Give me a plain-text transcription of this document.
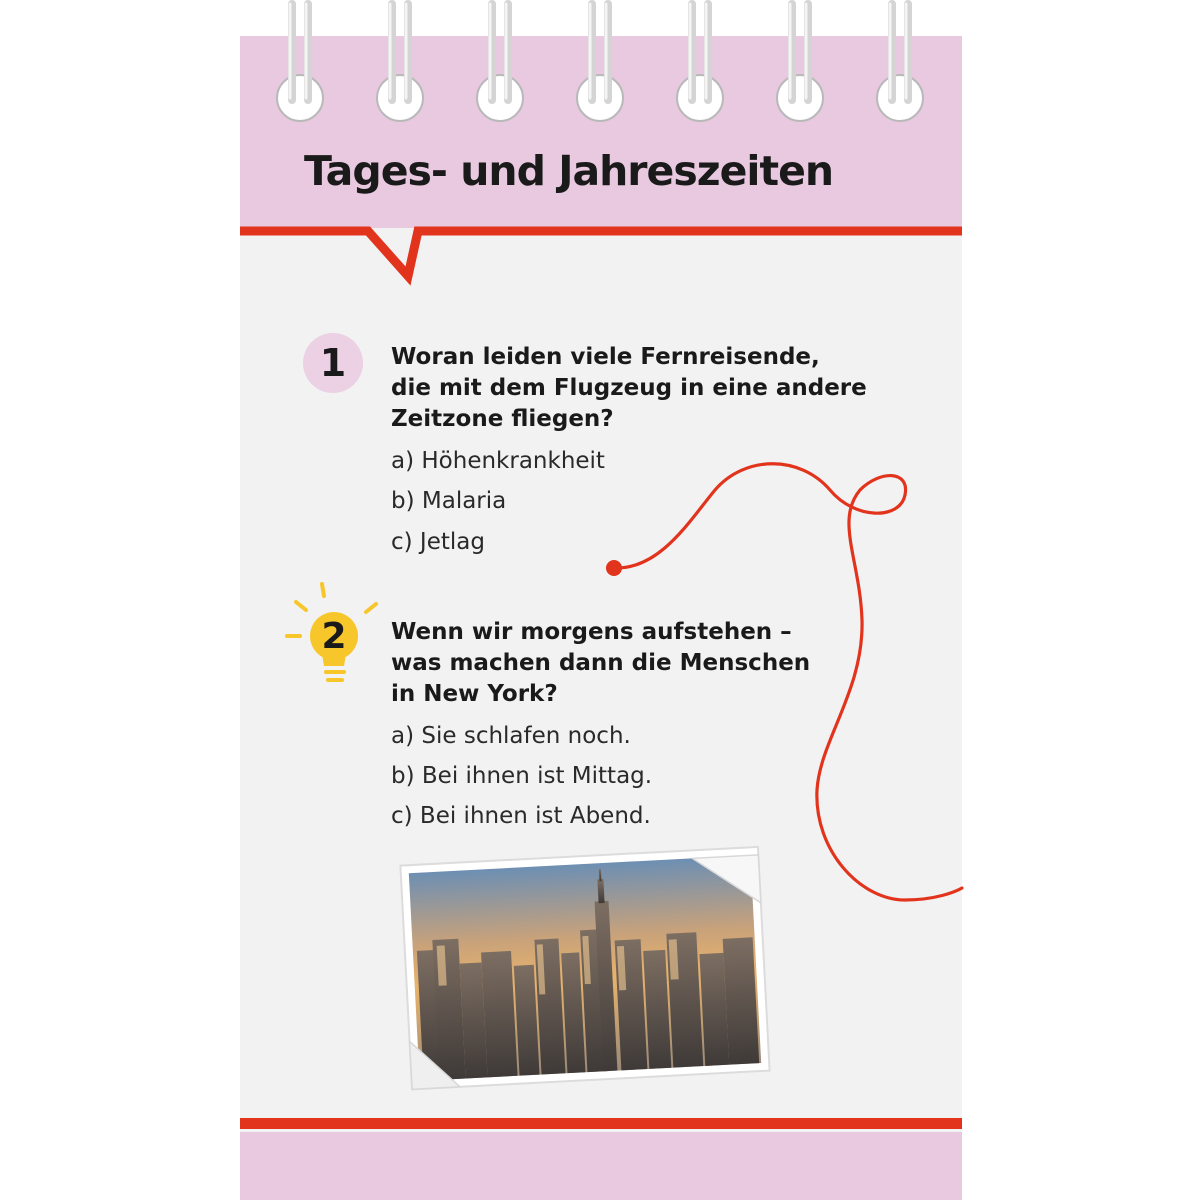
Tages- und Jahreszeiten
1	Woran leiden viele Fernreisende,
die mit dem Flugzeug in eine andere
Zeitzone fliegen?

a) Höhenkrankheit

b) Malaria

c) Jetlag

2 Wenn wir morgens aufstehen –
was machen dann die Menschen
in New York?

a) Sie schlafen noch.

b) Bei ihnen ist Mittag.

c) Bei ihnen ist Abend.
